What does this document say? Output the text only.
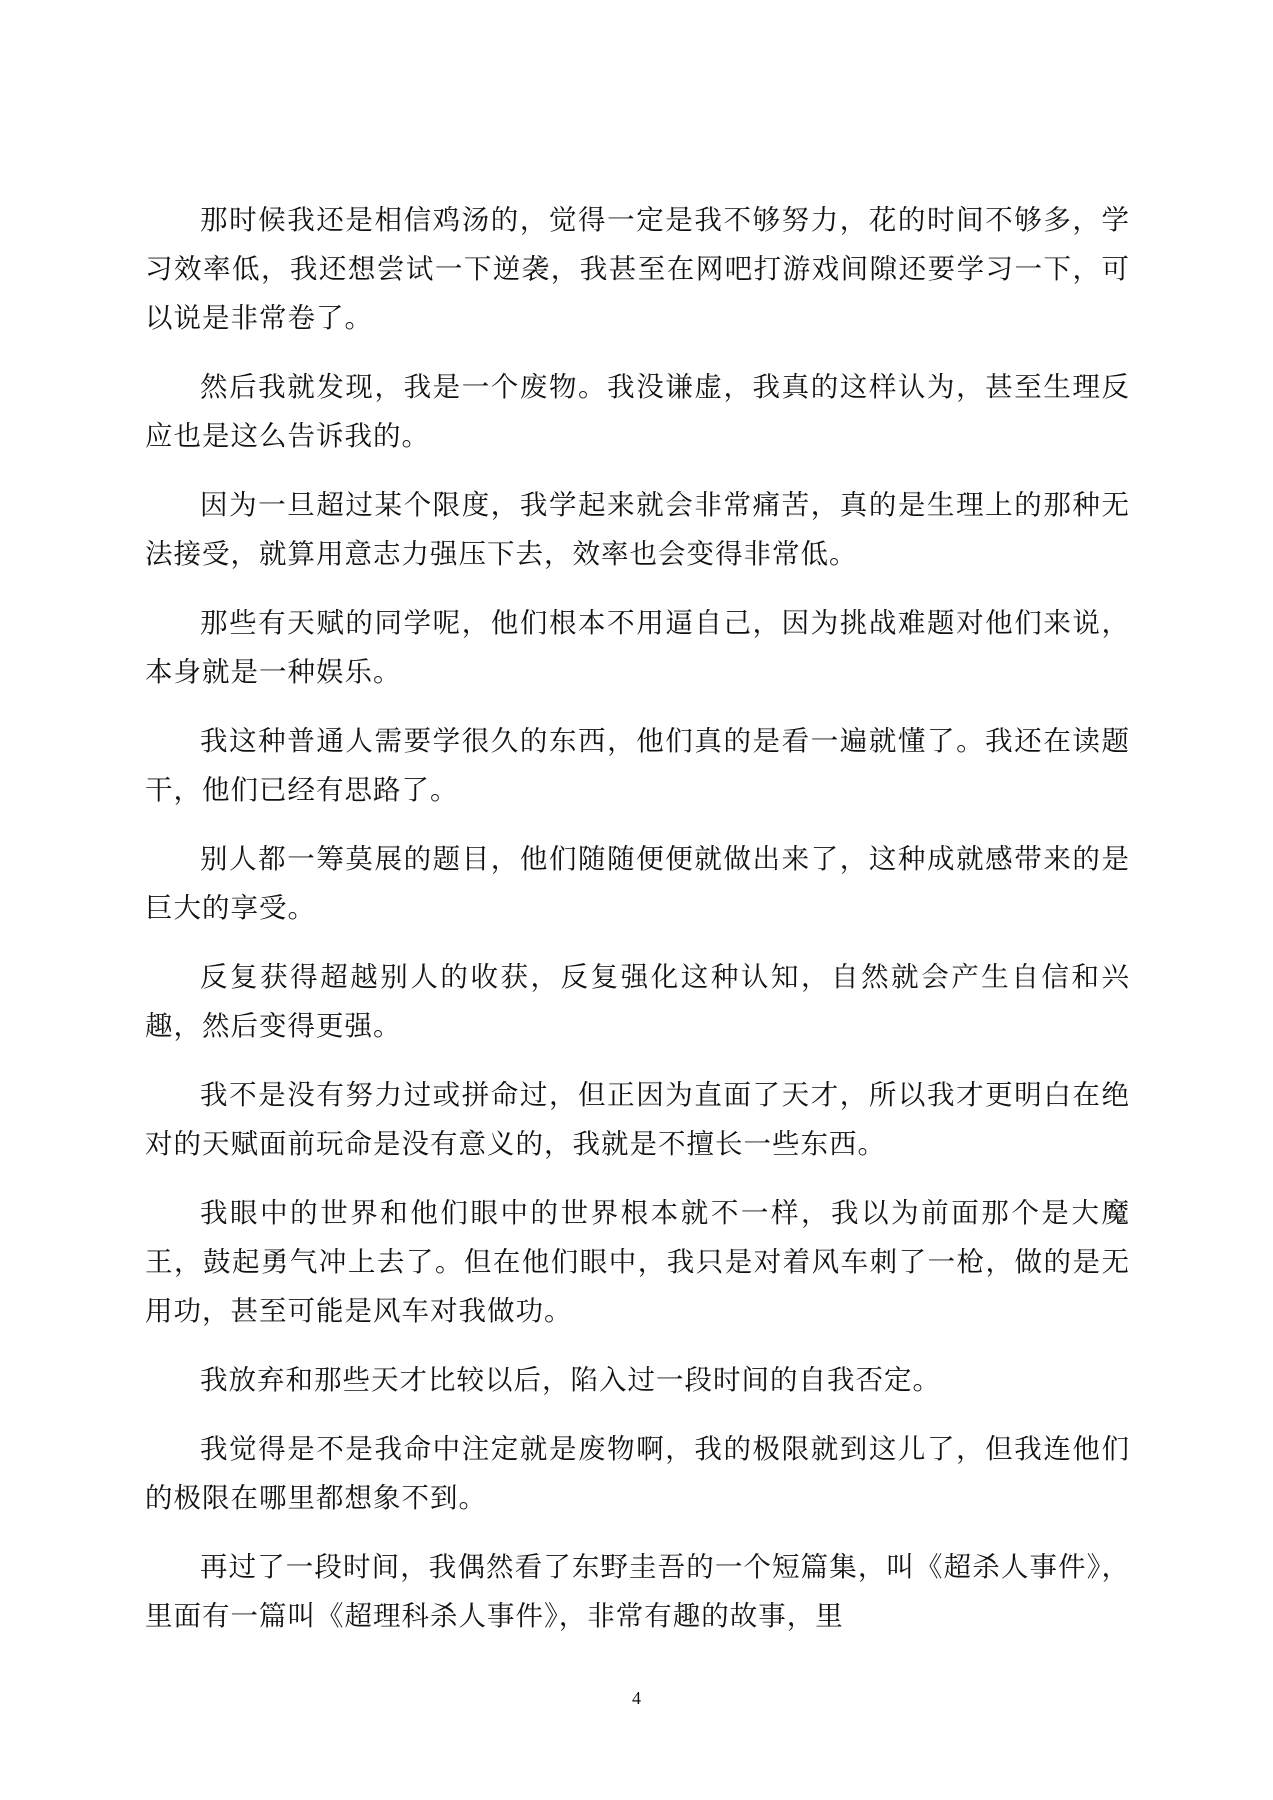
那时候我还是相信鸡汤的，觉得一定是我不够努力，花的时间不够多，学习效率低，我还想尝试一下逆袭，我甚至在网吧打游戏间隙还要学习一下，可以说是非常卷了。

然后我就发现，我是一个废物。我没谦虚，我真的这样认为，甚至生理反应也是这么告诉我的。

因为一旦超过某个限度，我学起来就会非常痛苦，真的是生理上的那种无法接受，就算用意志力强压下去，效率也会变得非常低。

那些有天赋的同学呢，他们根本不用逼自己，因为挑战难题对他们来说，本身就是一种娱乐。

我这种普通人需要学很久的东西，他们真的是看一遍就懂了。我还在读题干，他们已经有思路了。

别人都一筹莫展的题目，他们随随便便就做出来了，这种成就感带来的是巨大的享受。

反复获得超越别人的收获，反复强化这种认知，自然就会产生自信和兴趣，然后变得更强。

我不是没有努力过或拼命过，但正因为直面了天才，所以我才更明白在绝对的天赋面前玩命是没有意义的，我就是不擅长一些东西。

我眼中的世界和他们眼中的世界根本就不一样，我以为前面那个是大魔王，鼓起勇气冲上去了。但在他们眼中，我只是对着风车刺了一枪，做的是无用功，甚至可能是风车对我做功。

我放弃和那些天才比较以后，陷入过一段时间的自我否定。

我觉得是不是我命中注定就是废物啊，我的极限就到这儿了，但我连他们的极限在哪里都想象不到。

再过了一段时间，我偶然看了东野圭吾的一个短篇集，叫《超杀人事件》，里面有一篇叫《超理科杀人事件》，非常有趣的故事，里

4
